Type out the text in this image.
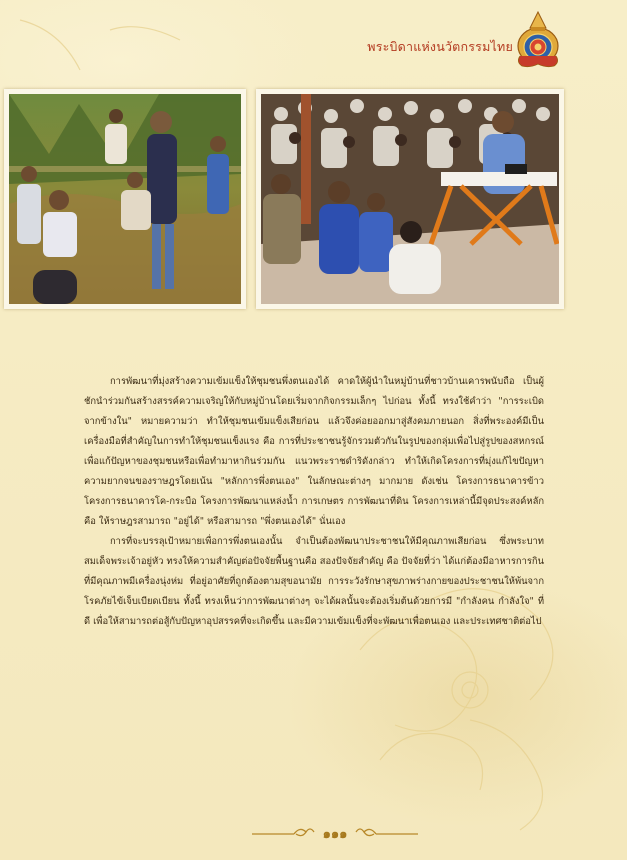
พระบิดาแห่งนวัตกรรมไทย

การพัฒนาที่มุ่งสร้างความเข้มแข็งให้ชุมชนพึ่งตนเองได้ คาดให้ผู้นำในหมู่บ้านที่ชาวบ้านเคารพนับถือ เป็นผู้ชักนำร่วมกันสร้างสรรค์ความเจริญให้กับหมู่บ้านโดยเริ่มจากกิจกรรมเล็กๆ ไปก่อน ทั้งนี้ ทรงใช้คำว่า "การระเบิดจากข้างใน" หมายความว่า ทำให้ชุมชนเข้มแข็งเสียก่อน แล้วจึงค่อยออกมาสู่สังคมภายนอก สิ่งที่พระองค์มีเป็นเครื่องมือที่สำคัญในการทำให้ชุมชนแข็งแรง คือ การที่ประชาชนรู้จักรวมตัวกันในรูปของกลุ่มเพื่อไปสู่รูปของสหกรณ์เพื่อแก้ปัญหาของชุมชนหรือเพื่อทำมาหากินร่วมกัน แนวพระราชดำริดังกล่าว ทำให้เกิดโครงการที่มุ่งแก้ไขปัญหาความยากจนของราษฎรโดยเน้น "หลักการพึ่งตนเอง" ในลักษณะต่างๆ มากมาย ดังเช่น โครงการธนาคารข้าว โครงการธนาคารโค-กระบือ โครงการพัฒนาแหล่งน้ำ การเกษตร การพัฒนาที่ดิน โครงการเหล่านี้มีจุดประสงค์หลักคือ ให้ราษฎรสามารถ "อยู่ได้" หรือสามารถ "พึ่งตนเองได้" นั่นเอง

การที่จะบรรลุเป้าหมายเพื่อการพึ่งตนเองนั้น จำเป็นต้องพัฒนาประชาชนให้มีคุณภาพเสียก่อน ซึ่งพระบาทสมเด็จพระเจ้าอยู่หัว ทรงให้ความสำคัญต่อปัจจัยพื้นฐานคือ สองปัจจัยสำคัญ คือ ปัจจัยที่ว่า ได้แก่ต้องมีอาหารการกินที่มีคุณภาพมีเครื่องนุ่งห่ม ที่อยู่อาศัยที่ถูกต้องตามสุขอนามัย การระวังรักษาสุขภาพร่างกายของประชาชนให้พ้นจากโรคภัยไข้เจ็บเบียดเบียน ทั้งนี้ ทรงเห็นว่าการพัฒนาต่างๆ จะได้ผลนั้นจะต้องเริ่มต้นด้วยการมี "กำลังคน กำลังใจ" ที่ดี เพื่อให้สามารถต่อสู้กับปัญหาอุปสรรคที่จะเกิดขึ้น และมีความเข้มแข็งที่จะพัฒนาเพื่อตนเอง และประเทศชาติต่อไป

๑๑๑
